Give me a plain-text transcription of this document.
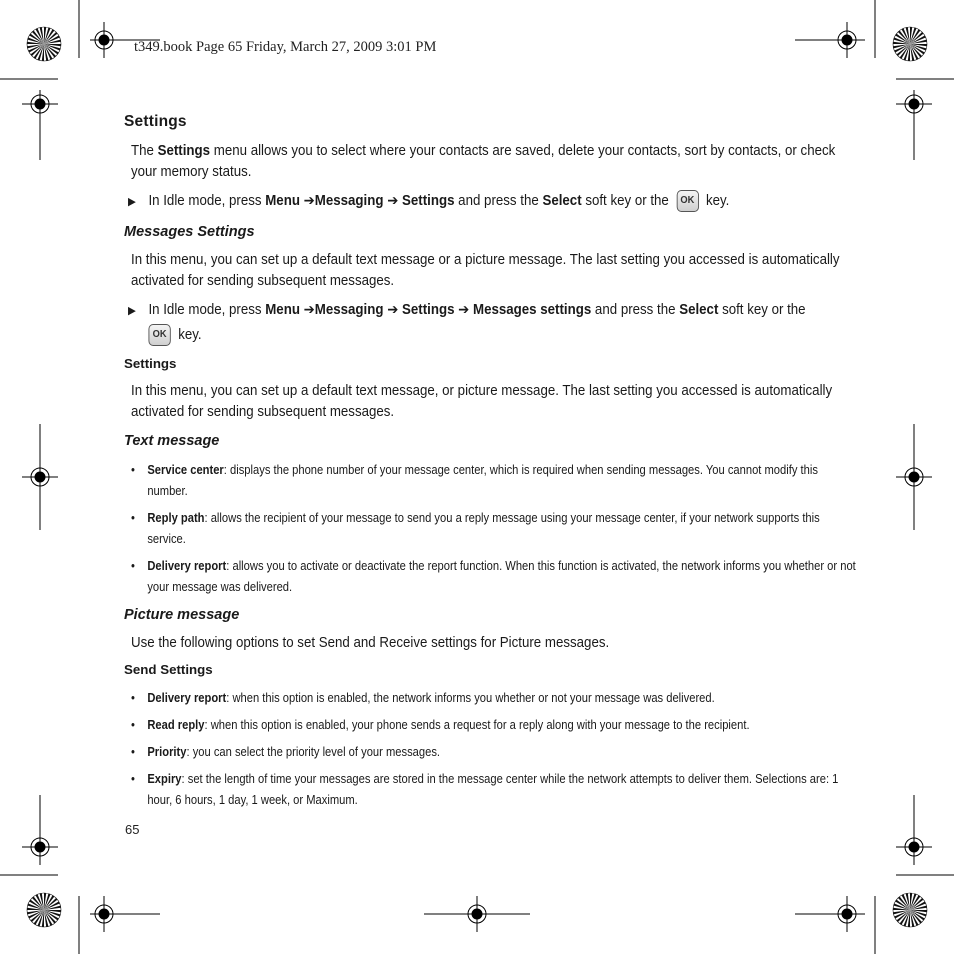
t349.book Page 65 Friday, March 27, 2009 3:01 PM
Settings
The Settings menu allows you to select where your contacts are saved, delete your contacts, sort by contacts, or check your memory status.
▶ In Idle mode, press Menu ➔Messaging ➔ Settings and press the Select soft key or the OK key.
Messages Settings
In this menu, you can set up a default text message or a picture message. The last setting you accessed is automatically activated for sending subsequent messages.
▶ In Idle mode, press Menu ➔Messaging ➔ Settings ➔ Messages settings and press the Select soft key or the
OK key.
Settings
In this menu, you can set up a default text message, or picture message. The last setting you accessed is automatically activated for sending subsequent messages.
Text message
• Service center: displays the phone number of your message center, which is required when sending messages. You cannot modify this number.
• Reply path: allows the recipient of your message to send you a reply message using your message center, if your network supports this service.
• Delivery report: allows you to activate or deactivate the report function. When this function is activated, the network informs you whether or not your message was delivered.
Picture message
Use the following options to set Send and Receive settings for Picture messages.
Send Settings
• Delivery report: when this option is enabled, the network informs you whether or not your message was delivered.
• Read reply: when this option is enabled, your phone sends a request for a reply along with your message to the recipient.
• Priority: you can select the priority level of your messages.
• Expiry: set the length of time your messages are stored in the message center while the network attempts to deliver them. Selections are: 1 hour, 6 hours, 1 day, 1 week, or Maximum.
65
